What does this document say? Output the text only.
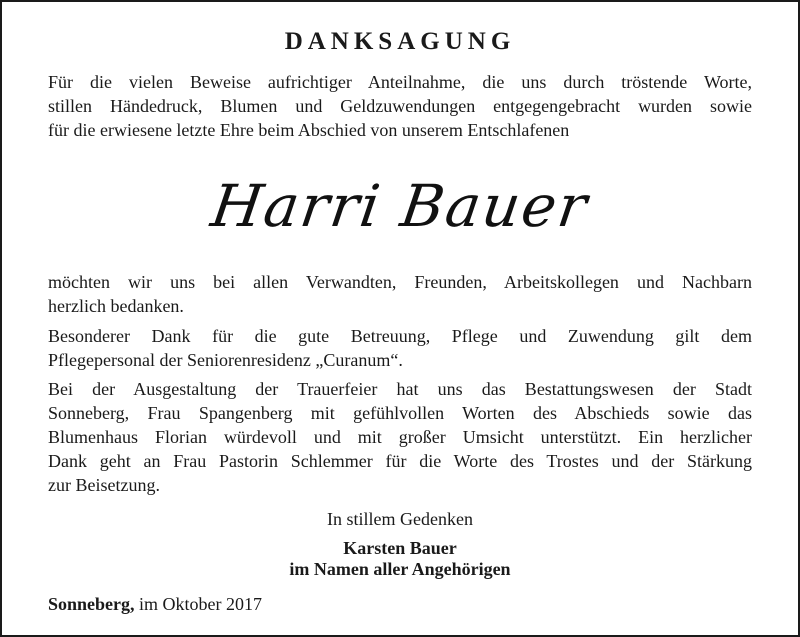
DANKSAGUNG
Für die vielen Beweise aufrichtiger Anteilnahme, die uns durch tröstende Worte,
stillen Händedruck, Blumen und Geldzuwendungen entgegengebracht wurden sowie
für die erwiesene letzte Ehre beim Abschied von unserem Entschlafenen
Harri Bauer
möchten wir uns bei allen Verwandten, Freunden, Arbeitskollegen und Nachbarn
herzlich bedanken.
Besonderer Dank für die gute Betreuung, Pflege und Zuwendung gilt dem
Pflegepersonal der Seniorenresidenz „Curanum“.
Bei der Ausgestaltung der Trauerfeier hat uns das Bestattungswesen der Stadt
Sonneberg, Frau Spangenberg mit gefühlvollen Worten des Abschieds sowie das
Blumenhaus Florian würdevoll und mit großer Umsicht unterstützt. Ein herzlicher
Dank geht an Frau Pastorin Schlemmer für die Worte des Trostes und der Stärkung
zur Beisetzung.
In stillem Gedenken
Karsten Bauer
im Namen aller Angehörigen
Sonneberg, im Oktober 2017
